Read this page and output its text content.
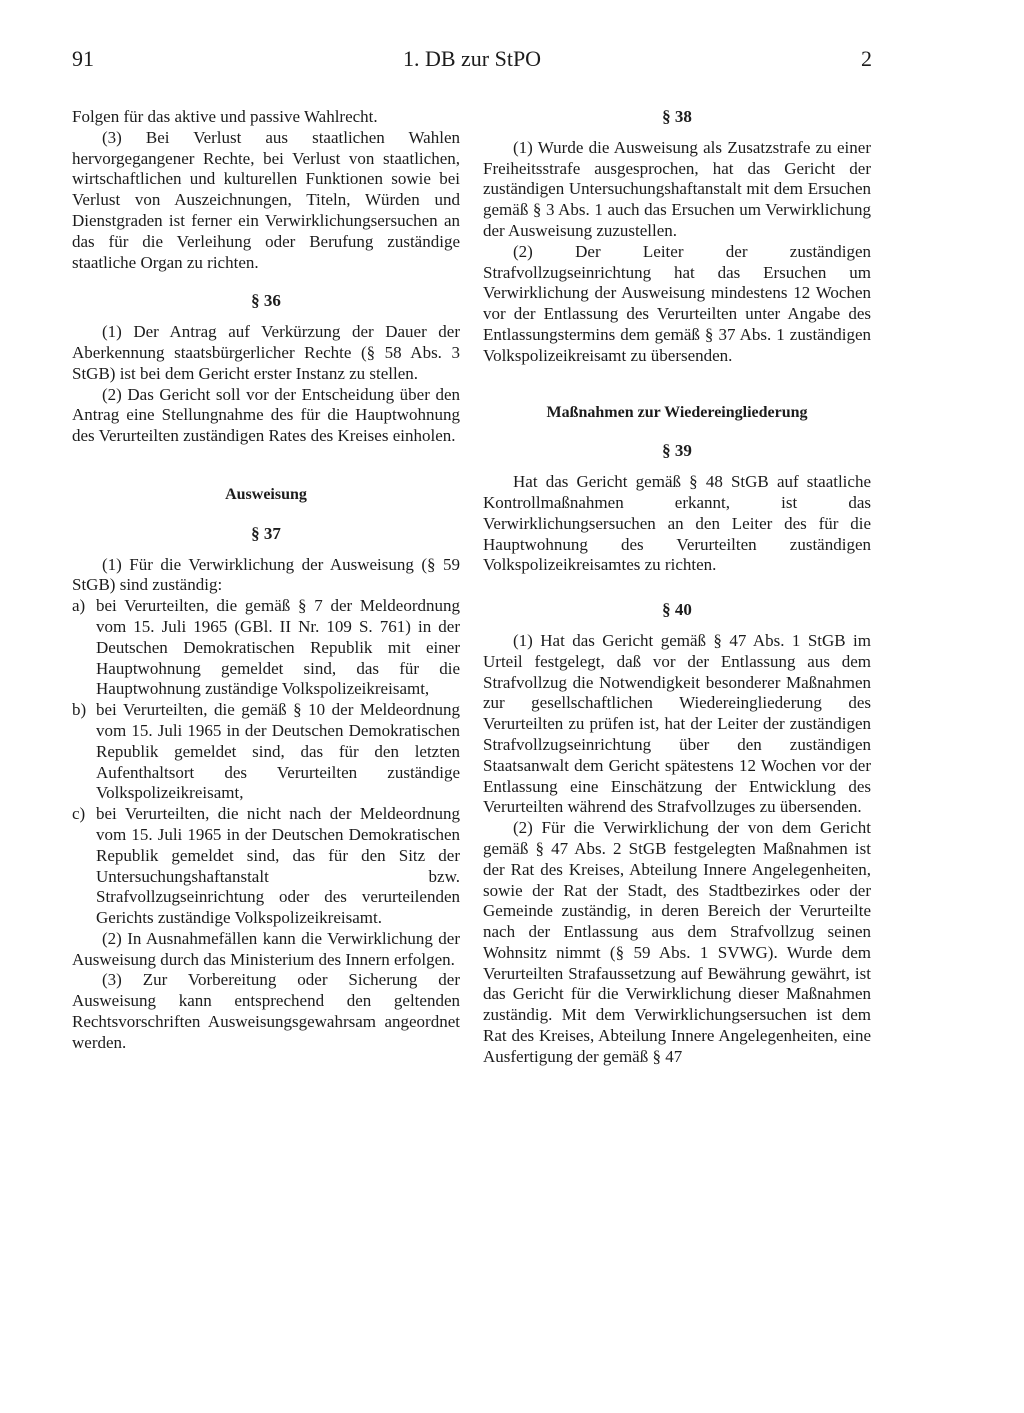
91	1. DB zur StPO	2

Folgen für das aktive und passive Wahlrecht.

(3) Bei Verlust aus staatlichen Wahlen hervorgegangener Rechte, bei Verlust von staatlichen, wirtschaftlichen und kulturellen Funktionen sowie bei Verlust von Auszeichnungen, Titeln, Würden und Dienstgraden ist ferner ein Verwirklichungsersuchen an das für die Verleihung oder Berufung zuständige staatliche Organ zu richten.

§ 36

(1) Der Antrag auf Verkürzung der Dauer der Aberkennung staatsbürgerlicher Rechte (§ 58 Abs. 3 StGB) ist bei dem Gericht erster Instanz zu stellen.

(2) Das Gericht soll vor der Entscheidung über den Antrag eine Stellungnahme des für die Hauptwohnung des Verurteilten zuständigen Rates des Kreises einholen.

Ausweisung
§ 37

(1) Für die Verwirklichung der Ausweisung (§ 59 StGB) sind zuständig:

a) bei Verurteilten, die gemäß § 7 der Meldeordnung vom 15. Juli 1965 (GBl. II Nr. 109 S. 761) in der Deutschen Demokratischen Republik mit einer Hauptwohnung gemeldet sind, das für die Hauptwohnung zuständige Volkspolizeikreisamt,
b) bei Verurteilten, die gemäß § 10 der Meldeordnung vom 15. Juli 1965 in der Deutschen Demokratischen Republik gemeldet sind, das für den letzten Aufenthaltsort des Verurteilten zuständige Volkspolizeikreisamt,
c) bei Verurteilten, die nicht nach der Meldeordnung vom 15. Juli 1965 in der Deutschen Demokratischen Republik gemeldet sind, das für den Sitz der Untersuchungshaftanstalt bzw. Strafvollzugseinrichtung oder des verurteilenden Gerichts zuständige Volkspolizeikreisamt.

(2) In Ausnahmefällen kann die Verwirklichung der Ausweisung durch das Ministerium des Innern erfolgen.

(3) Zur Vorbereitung oder Sicherung der Ausweisung kann entsprechend den geltenden Rechtsvorschriften Ausweisungsgewahrsam angeordnet werden.

§ 38

(1) Wurde die Ausweisung als Zusatzstrafe zu einer Freiheitsstrafe ausgesprochen, hat das Gericht der zuständigen Untersuchungshaftanstalt mit dem Ersuchen gemäß § 3 Abs. 1 auch das Ersuchen um Verwirklichung der Ausweisung zuzustellen.

(2) Der Leiter der zuständigen Strafvollzugseinrichtung hat das Ersuchen um Verwirklichung der Ausweisung mindestens 12 Wochen vor der Entlassung des Verurteilten unter Angabe des Entlassungstermins dem gemäß § 37 Abs. 1 zuständigen Volkspolizeikreisamt zu übersenden.

Maßnahmen zur Wiedereingliederung
§ 39

Hat das Gericht gemäß § 48 StGB auf staatliche Kontrollmaßnahmen erkannt, ist das Verwirklichungsersuchen an den Leiter des für die Hauptwohnung des Verurteilten zuständigen Volkspolizeikreisamtes zu richten.

§ 40

(1) Hat das Gericht gemäß § 47 Abs. 1 StGB im Urteil festgelegt, daß vor der Entlassung aus dem Strafvollzug die Notwendigkeit besonderer Maßnahmen zur gesellschaftlichen Wiedereingliederung des Verurteilten zu prüfen ist, hat der Leiter der zuständigen Strafvollzugseinrichtung über den zuständigen Staatsanwalt dem Gericht spätestens 12 Wochen vor der Entlassung eine Einschätzung der Entwicklung des Verurteilten während des Strafvollzuges zu übersenden.

(2) Für die Verwirklichung der von dem Gericht gemäß § 47 Abs. 2 StGB festgelegten Maßnahmen ist der Rat des Kreises, Abteilung Innere Angelegenheiten, sowie der Rat der Stadt, des Stadtbezirkes oder der Gemeinde zuständig, in deren Bereich der Verurteilte nach der Entlassung aus dem Strafvollzug seinen Wohnsitz nimmt (§ 59 Abs. 1 SVWG). Wurde dem Verurteilten Strafaussetzung auf Bewährung gewährt, ist das Gericht für die Verwirklichung dieser Maßnahmen zuständig. Mit dem Verwirklichungsersuchen ist dem Rat des Kreises, Abteilung Innere Angelegenheiten, eine Ausfertigung der gemäß § 47
